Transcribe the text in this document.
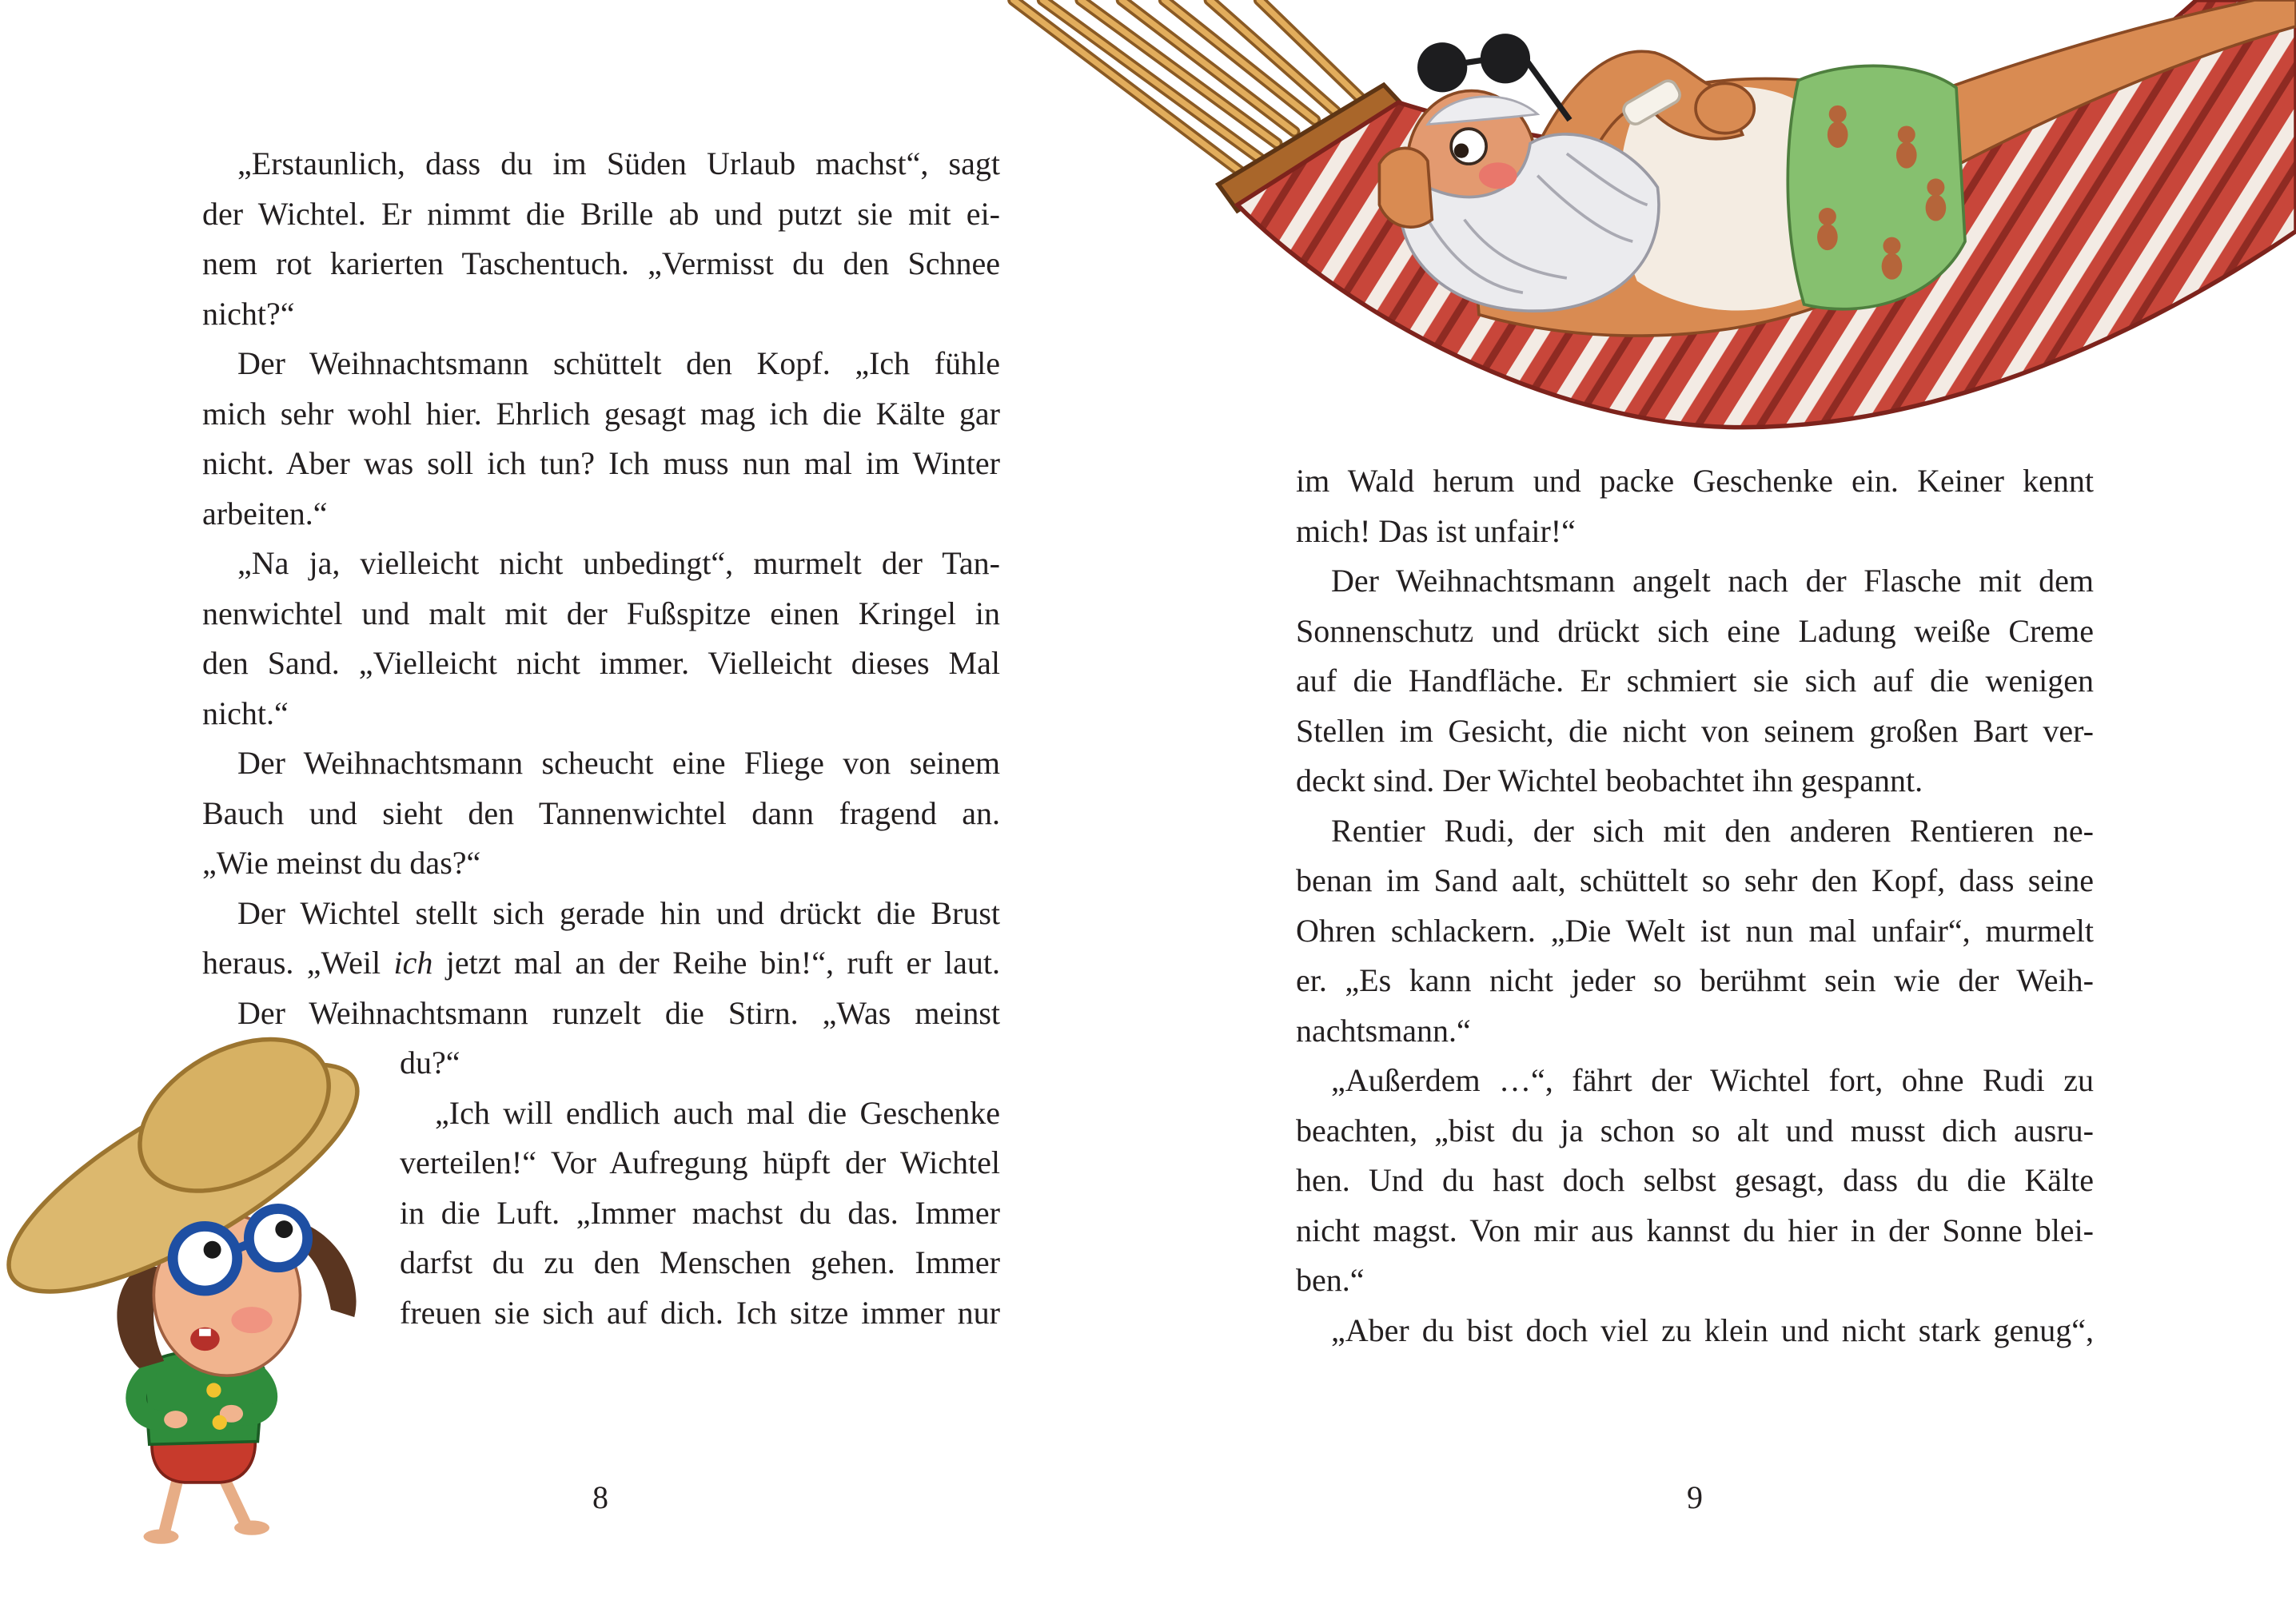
„Erstaunlich, dass du im Süden Urlaub machst“, sagt
der Wichtel. Er nimmt die Brille ab und putzt sie mit ei-
nem rot karierten Taschentuch. „Vermisst du den Schnee
nicht?“
Der Weihnachtsmann schüttelt den Kopf. „Ich fühle
mich sehr wohl hier. Ehrlich gesagt mag ich die Kälte gar
nicht. Aber was soll ich tun? Ich muss nun mal im Winter
arbeiten.“
„Na ja, vielleicht nicht unbedingt“, murmelt der Tan-
nenwichtel und malt mit der Fußspitze einen Kringel in
den Sand. „Vielleicht nicht immer. Vielleicht dieses Mal
nicht.“
Der Weihnachtsmann scheucht eine Fliege von seinem
Bauch und sieht den Tannenwichtel dann fragend an.
„Wie meinst du das?“
Der Wichtel stellt sich gerade hin und drückt die Brust
heraus. „Weil ich jetzt mal an der Reihe bin!“, ruft er laut.
Der Weihnachtsmann runzelt die Stirn. „Was meinst
du?“
„Ich will endlich auch mal die Geschenke
verteilen!“ Vor Aufregung hüpft der Wichtel
in die Luft. „Immer machst du das. Immer
darfst du zu den Menschen gehen. Immer
freuen sie sich auf dich. Ich sitze immer nur
im Wald herum und packe Geschenke ein. Keiner kennt
mich! Das ist unfair!“
Der Weihnachtsmann angelt nach der Flasche mit dem
Sonnenschutz und drückt sich eine Ladung weiße Creme
auf die Handfläche. Er schmiert sie sich auf die wenigen
Stellen im Gesicht, die nicht von seinem großen Bart ver-
deckt sind. Der Wichtel beobachtet ihn gespannt.
Rentier Rudi, der sich mit den anderen Rentieren ne-
benan im Sand aalt, schüttelt so sehr den Kopf, dass seine
Ohren schlackern. „Die Welt ist nun mal unfair“, murmelt
er. „Es kann nicht jeder so berühmt sein wie der Weih-
nachtsmann.“
„Außerdem …“, fährt der Wichtel fort, ohne Rudi zu
beachten, „bist du ja schon so alt und musst dich ausru-
hen. Und du hast doch selbst gesagt, dass du die Kälte
nicht magst. Von mir aus kannst du hier in der Sonne blei-
ben.“
„Aber du bist doch viel zu klein und nicht stark genug“,
8	9
